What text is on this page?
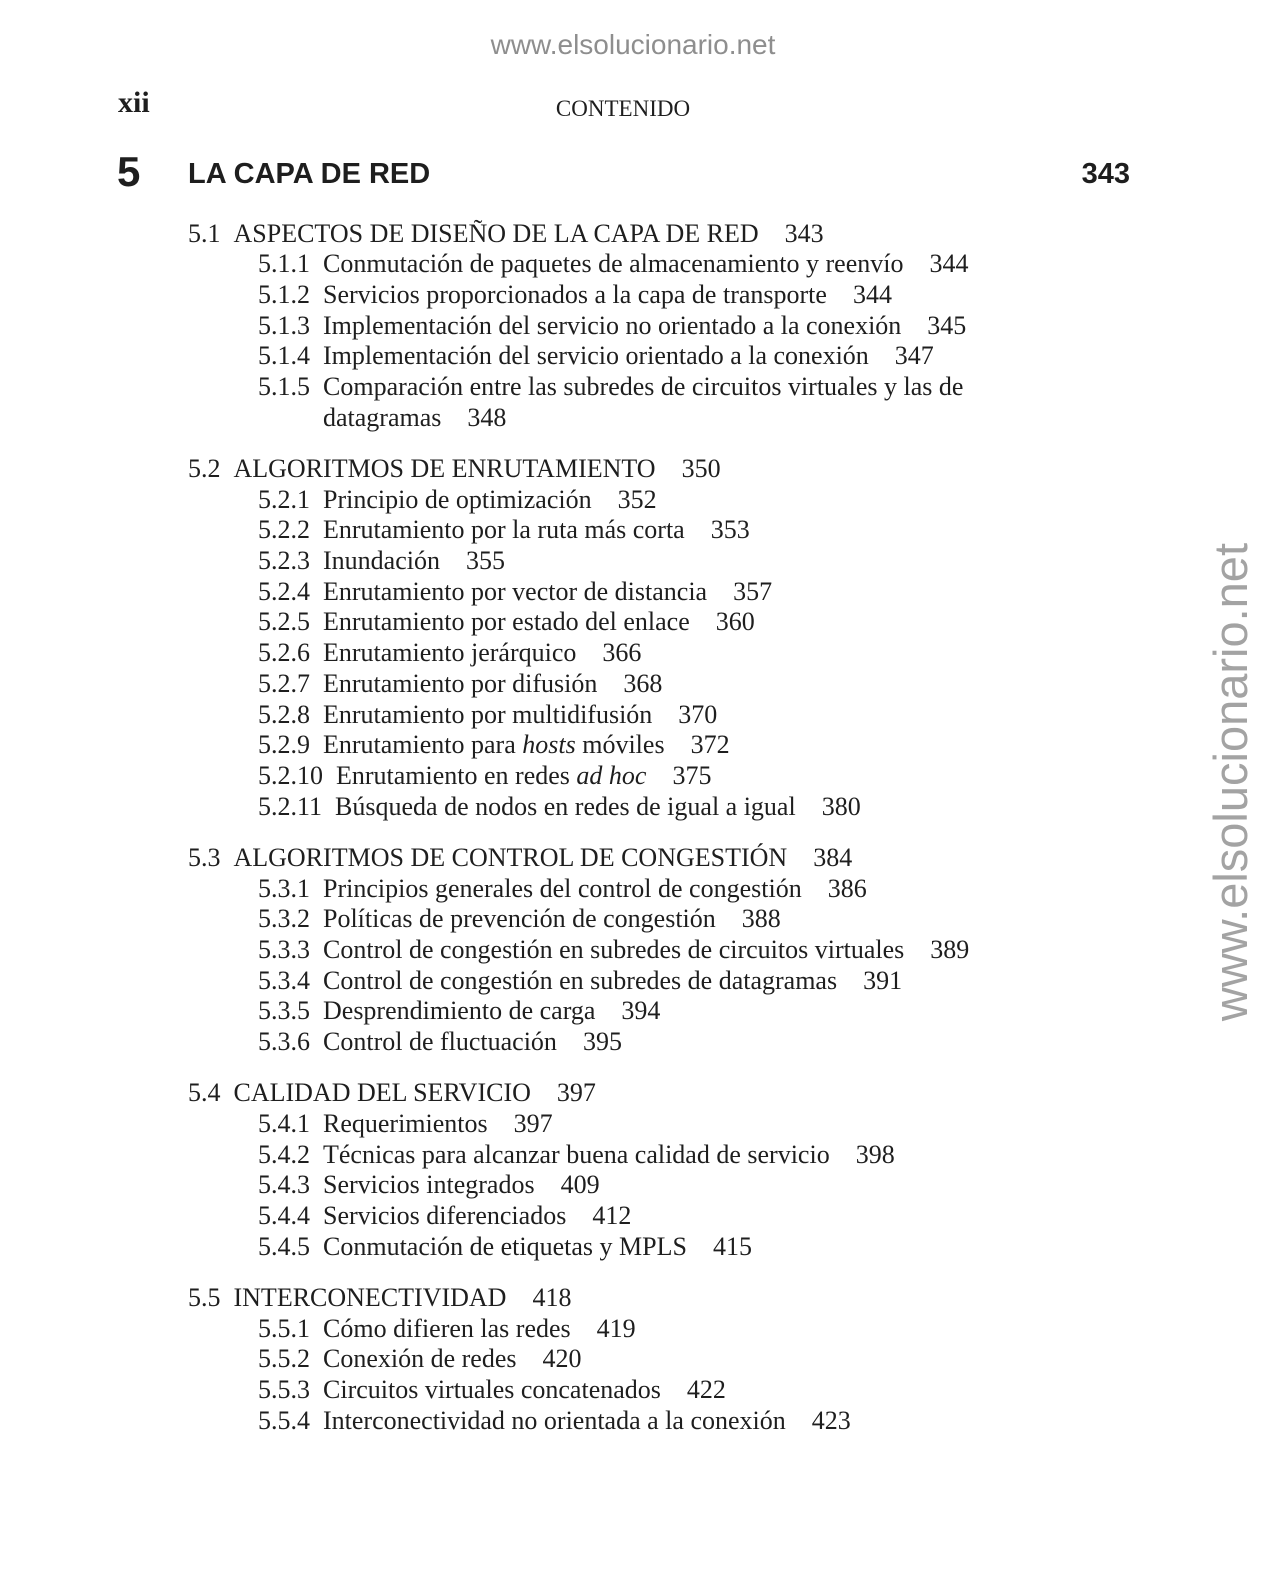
www.elsolucionario.net
www.elsolucionario.net
xii	CONTENIDO
5 LA CAPA DE RED	343
5.1 ASPECTOS DE DISEÑO DE LA CAPA DE RED 343
5.1.1 Conmutación de paquetes de almacenamiento y reenvío 344
5.1.2 Servicios proporcionados a la capa de transporte 344
5.1.3 Implementación del servicio no orientado a la conexión 345
5.1.4 Implementación del servicio orientado a la conexión 347
5.1.5 Comparación entre las subredes de circuitos virtuales y las de datagramas 348
5.2 ALGORITMOS DE ENRUTAMIENTO 350
5.2.1 Principio de optimización 352
5.2.2 Enrutamiento por la ruta más corta 353
5.2.3 Inundación 355
5.2.4 Enrutamiento por vector de distancia 357
5.2.5 Enrutamiento por estado del enlace 360
5.2.6 Enrutamiento jerárquico 366
5.2.7 Enrutamiento por difusión 368
5.2.8 Enrutamiento por multidifusión 370
5.2.9 Enrutamiento para hosts móviles 372
5.2.10 Enrutamiento en redes ad hoc 375
5.2.11 Búsqueda de nodos en redes de igual a igual 380
5.3 ALGORITMOS DE CONTROL DE CONGESTIÓN 384
5.3.1 Principios generales del control de congestión 386
5.3.2 Políticas de prevención de congestión 388
5.3.3 Control de congestión en subredes de circuitos virtuales 389
5.3.4 Control de congestión en subredes de datagramas 391
5.3.5 Desprendimiento de carga 394
5.3.6 Control de fluctuación 395
5.4 CALIDAD DEL SERVICIO 397
5.4.1 Requerimientos 397
5.4.2 Técnicas para alcanzar buena calidad de servicio 398
5.4.3 Servicios integrados 409
5.4.4 Servicios diferenciados 412
5.4.5 Conmutación de etiquetas y MPLS 415
5.5 INTERCONECTIVIDAD 418
5.5.1 Cómo difieren las redes 419
5.5.2 Conexión de redes 420
5.5.3 Circuitos virtuales concatenados 422
5.5.4 Interconectividad no orientada a la conexión 423
